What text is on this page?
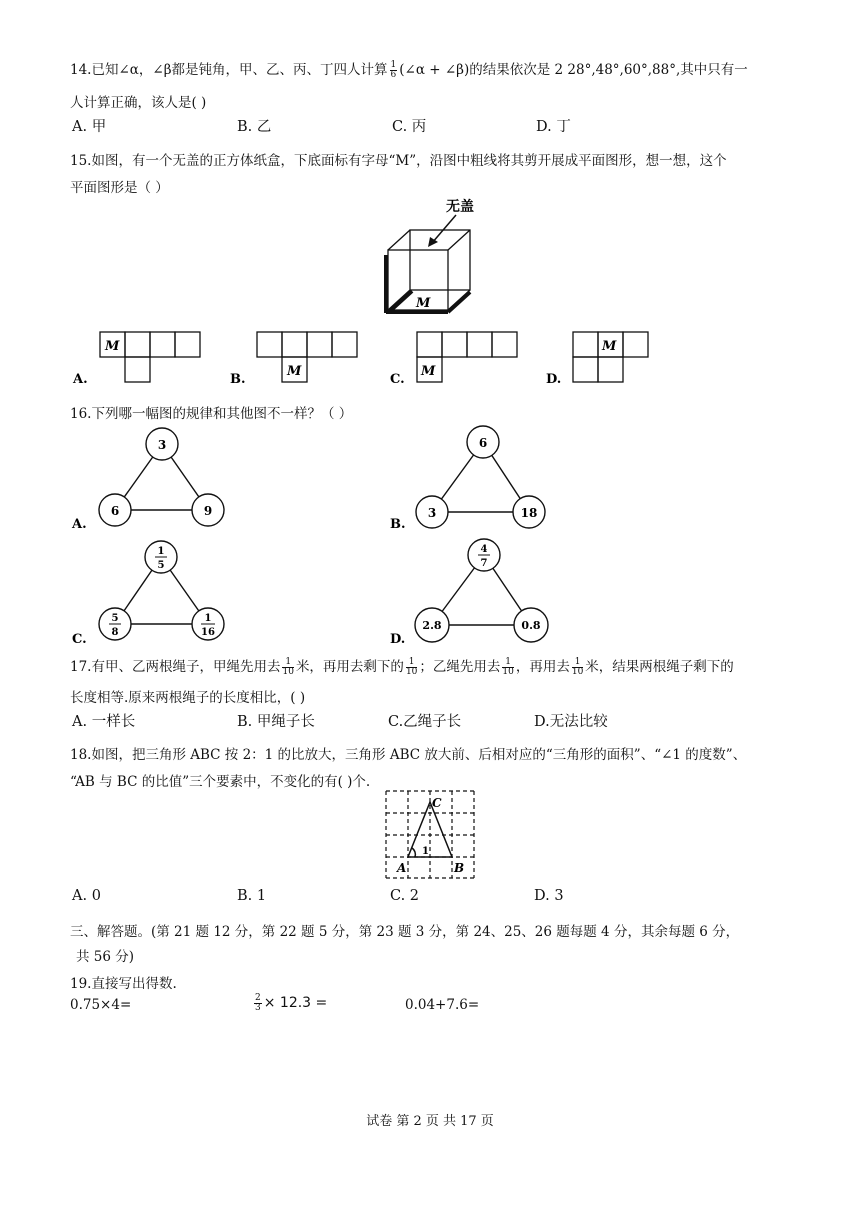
14.已知∠α，∠β都是钝角，甲、乙、丙、丁四人计算 $\frac{1}{6}$ (∠α + ∠β)的结果依次是 2 28°,48°,60°,88°,其中只有一
人计算正确，该人是( )
A. 甲	B. 乙	C. 丙	D. 丁
15.如图，有一个无盖的正方体纸盒，下底面标有字母“M”，沿图中粗线将其剪开展成平面图形，想一想，这个
平面图形是（ ）
无盖
M
M
A.
M
B.
M
C.
M
D.
16.下列哪一幅图的规律和其他图不一样？（ ）
3
6	9
A.
6
3	18
B.
1
5
5
8
1
16
C.
4
7
2.8	0.8
D.
17.有甲、乙两根绳子，甲绳先用去 $\frac{1}{10}$ 米，再用去剩下的 $\frac{1}{10}$ ；乙绳先用去 $\frac{1}{10}$ ，再用去 $\frac{1}{10}$ 米，结果两根绳子剩下的
长度相等.原来两根绳子的长度相比，( )
A. 一样长	B. 甲绳子长	C.乙绳子长	D.无法比较
18.如图，把三角形 ABC 按 2：1 的比放大，三角形 ABC 放大前、后相对应的“三角形的面积”、“∠1 的度数”、
“AB 与 BC 的比值”三个要素中，不变化的有( )个.
C
A	B
1
A. 0	B. 1	C. 2	D. 3
三、解答题。(第 21 题 12 分，第 22 题 5 分，第 23 题 3 分，第 24、25、26 题每题 4 分，其余每题 6 分，
共 56 分)
19.直接写出得数.
0.75×4=	$\frac{2}{3} \times 12.3$ =	0.04+7.6=
试卷 第 2 页 共 17 页
